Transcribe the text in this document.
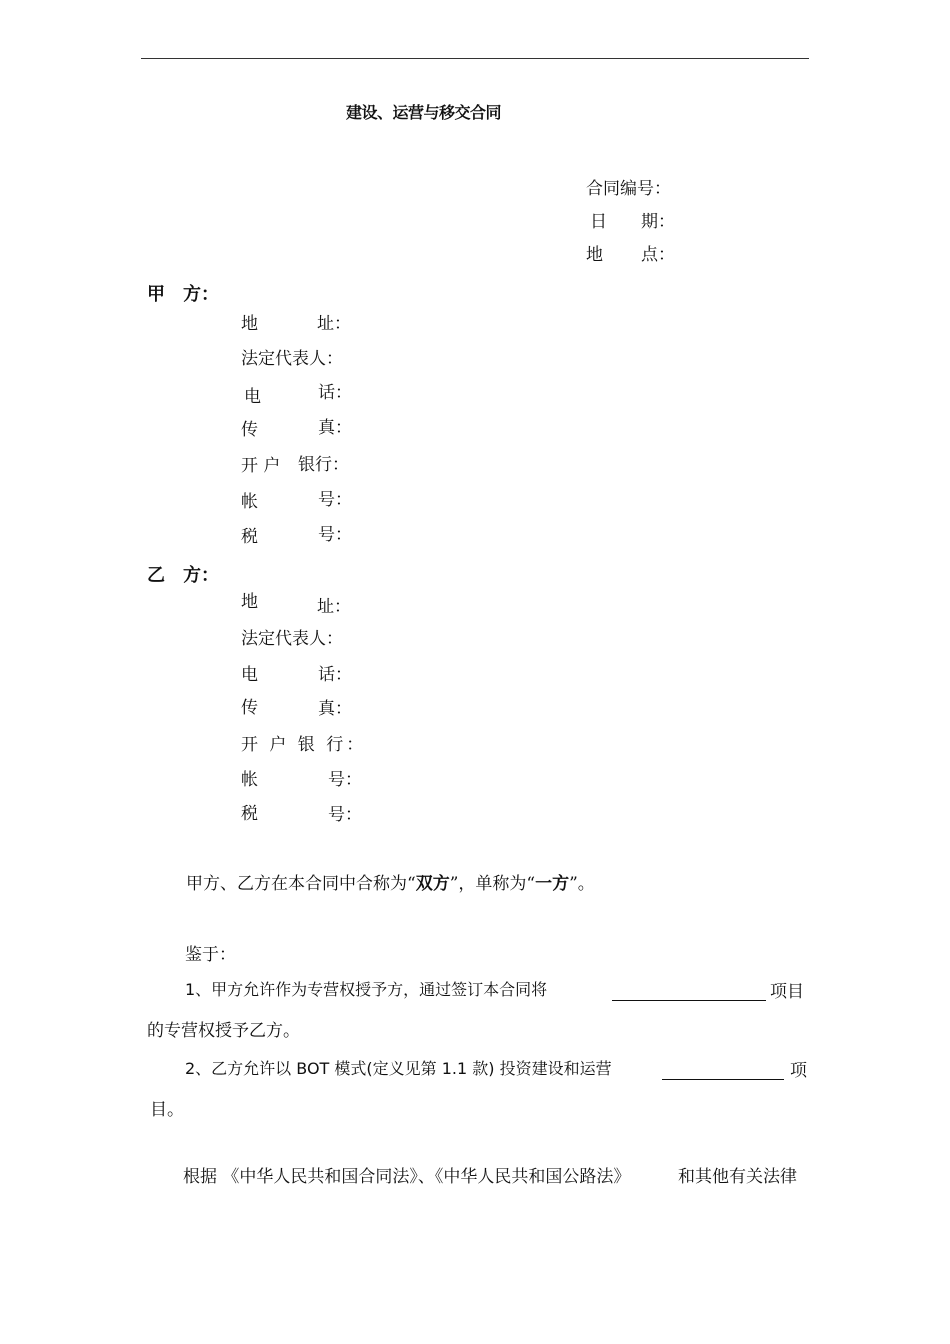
建设、运营与移交合同
合同编号：
日 期：
地 点：
甲　方：
地	址：
法定代表人：
电	话：
传	真：
开 户 银行：
帐	号：
税	号：
乙　方：
地	址：
法定代表人：
电	话：
传	真：
开 户 银 行：
帐	号：
税	号：
甲方、乙方在本合同中合称为“双方”，单称为“一方”。
鉴于：
1、甲方允许作为专营权授予方，通过签订本合同将	项目
的专营权授予乙方。
2、乙方允许以 BOT 模式(定义见第 1.1 款) 投资建设和运营	项
目。
根据 《中华人民共和国合同法》、《中华人民共和国公路法》	和其他有关法律
